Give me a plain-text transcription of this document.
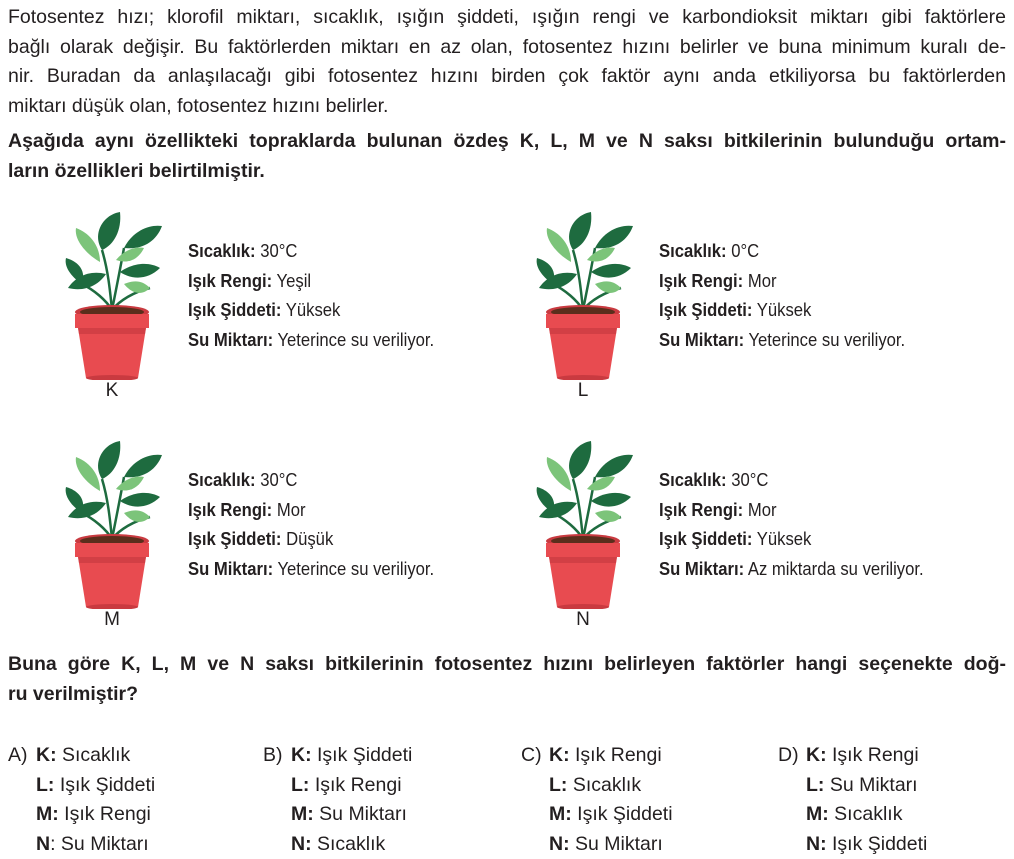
Fotosentez hızı; klorofil miktarı, sıcaklık, ışığın şiddeti, ışığın rengi ve karbondioksit miktarı gibi faktörlere
bağlı olarak değişir. Bu faktörlerden miktarı en az olan, fotosentez hızını belirler ve buna minimum kuralı de-
nir. Buradan da anlaşılacağı gibi fotosentez hızını birden çok faktör aynı anda etkiliyorsa bu faktörlerden
miktarı düşük olan, fotosentez hızını belirler.

Aşağıda aynı özellikteki topraklarda bulunan özdeş K, L, M ve N saksı bitkilerinin bulunduğu ortam-
ların özellikleri belirtilmiştir.

K
Sıcaklık: 30°C
Işık Rengi: Yeşil
Işık Şiddeti: Yüksek
Su Miktarı: Yeterince su veriliyor.
L
Sıcaklık: 0°C
Işık Rengi: Mor
Işık Şiddeti: Yüksek
Su Miktarı: Yeterince su veriliyor.
M
Sıcaklık: 30°C
Işık Rengi: Mor
Işık Şiddeti: Düşük
Su Miktarı: Yeterince su veriliyor.
N
Sıcaklık: 30°C
Işık Rengi: Mor
Işık Şiddeti: Yüksek
Su Miktarı: Az miktarda su veriliyor.

Buna göre K, L, M ve N saksı bitkilerinin fotosentez hızını belirleyen faktörler hangi seçenekte doğ-
ru verilmiştir?

A) K: Sıcaklık
L: Işık Şiddeti
M: Işık Rengi
N: Su Miktarı
B) K: Işık Şiddeti
L: Işık Rengi
M: Su Miktarı
N: Sıcaklık
C) K: Işık Rengi
L: Sıcaklık
M: Işık Şiddeti
N: Su Miktarı
D) K: Işık Rengi
L: Su Miktarı
M: Sıcaklık
N: Işık Şiddeti
